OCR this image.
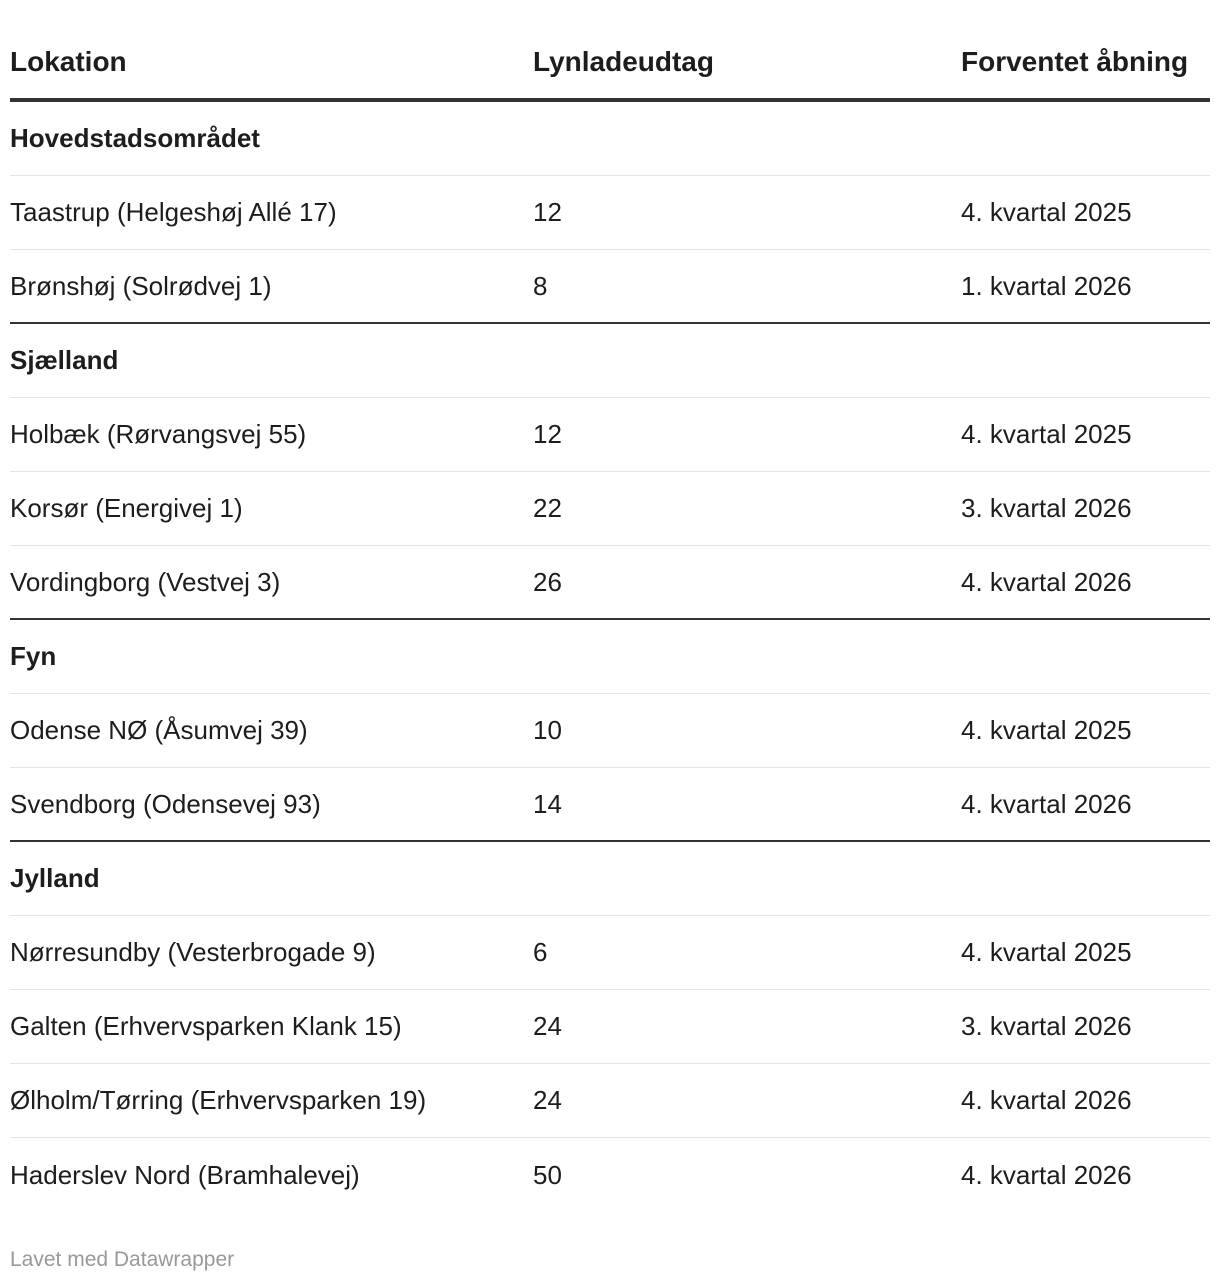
Lokation	Lynladeudtag	Forventet åbning
Hovedstadsområdet
Taastrup (Helgeshøj Allé 17)	12	4. kvartal 2025
Brønshøj (Solrødvej 1)	8	1. kvartal 2026
Sjælland
Holbæk (Rørvangsvej 55)	12	4. kvartal 2025
Korsør (Energivej 1)	22	3. kvartal 2026
Vordingborg (Vestvej 3)	26	4. kvartal 2026
Fyn
Odense NØ (Åsumvej 39)	10	4. kvartal 2025
Svendborg (Odensevej 93)	14	4. kvartal 2026
Jylland
Nørresundby (Vesterbrogade 9)	6	4. kvartal 2025
Galten (Erhvervsparken Klank 15)	24	3. kvartal 2026
Ølholm/Tørring (Erhvervsparken 19)	24	4. kvartal 2026
Haderslev Nord (Bramhalevej)	50	4. kvartal 2026
Lavet med Datawrapper
